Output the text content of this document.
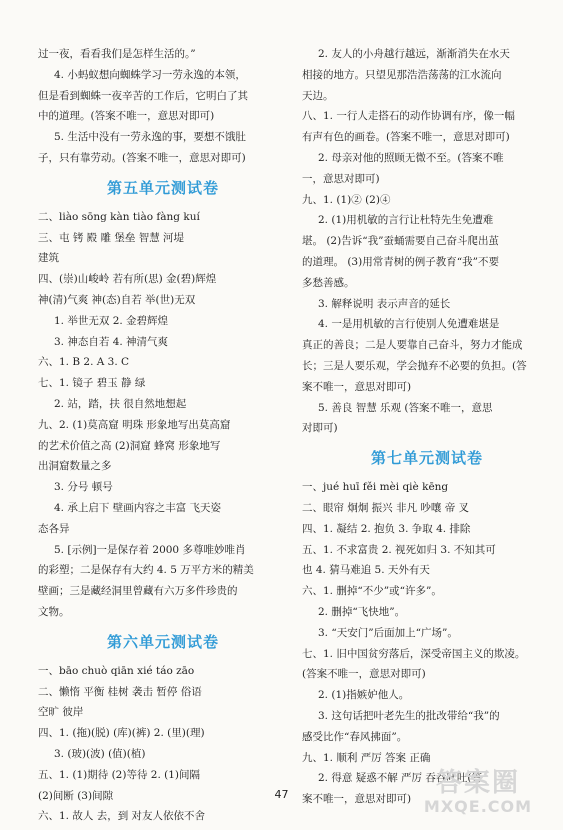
过一夜，看看我们是怎样生活的。”
4. 小蚂蚁想向蜘蛛学习一劳永逸的本领，
但是看到蜘蛛一夜辛苦的工作后，它明白了其
中的道理。(答案不唯一，意思对即可)
5. 生活中没有一劳永逸的事，要想不饿肚
子，只有靠劳动。(答案不唯一，意思对即可)
第五单元测试卷
二、liào sōng kàn tiào fàng kuí
三、屯 铐 殿 雕 堡垒 智慧 河堤
建筑
四、(崇)山峻岭 若有所(思) 金(碧)辉煌
神(清)气爽 神(态)自若 举(世)无双
1. 举世无双 2. 金碧辉煌
3. 神态自若 4. 神清气爽
六、1. B 2. A 3. C
七、1. 镜子 碧玉 静 绿
2. 站，踏，扶 很自然地想起
九、2. (1)莫高窟 明珠 形象地写出莫高窟
的艺术价值之高 (2)洞窟 蜂窝 形象地写
出洞窟数量之多
3. 分号 顿号
4. 承上启下 壁画内容之丰富 飞天姿
态各异
5. [示例]一是保存着 2000 多尊唯妙唯肖
的彩塑；二是保存有大约 4. 5 万平方米的精美
壁画；三是藏经洞里曾藏有六万多件珍贵的
文物。
第六单元测试卷
一、bāo chuò qiān xié táo zāo
二、懒惰 平衡 桂树 袭击 暂停 俗语
空旷 彼岸
四、1. (拖)(脱) (库)(裤) 2. (里)(理)
3. (玻)(波) (值)(植)
五、1. (1)期待 (2)等待 2. (1)间隔
(2)间断 (3)间隙
六、1. 故人 去，到 对友人依依不舍
2. 友人的小舟越行越远，渐渐消失在水天
相接的地方。只望见那浩浩荡荡的江水流向
天边。
八、1. 一行人走搭石的动作协调有序，像一幅
有声有色的画卷。(答案不唯一，意思对即可)
2. 母亲对他的照顾无微不至。(答案不唯
一，意思对即可)
九、1. (1)② (2)④
2. (1)用机敏的言行让杜特先生免遭难
堪。 (2)告诉“我”蚕蛹需要自己奋斗爬出茧
的道理。 (3)用常青树的例子教育“我”不要
多愁善感。
3. 解释说明 表示声音的延长
4. 一是用机敏的言行使别人免遭难堪是
真正的善良；二是人要靠自己奋斗，努力才能成
长；三是人要乐观，学会抛弃不必要的负担。(答
案不唯一，意思对即可)
5. 善良 智慧 乐观 (答案不唯一，意思
对即可)
第七单元测试卷
一、jué huī fěi mèi qiè kēng
二、眼帘 炯炯 振兴 非凡 吵嚷 帝 叉
四、1. 凝结 2. 抱负 3. 争取 4. 排除
五、1. 不求富贵 2. 视死如归 3. 不知其可
也 4. 猜马难追 5. 天外有天
六、1. 删掉“不少”或“许多”。
2. 删掉“飞快地”。
3. “天安门”后面加上“广场”。
七、1. 旧中国贫穷落后，深受帝国主义的欺凌。
(答案不唯一，意思对即可)
2. (1)指嫉妒他人。
3. 这句话把叶老先生的批改带给“我”的
感受比作“春风拂面”。
九、1. 顺利 严厉 答案 正确
2. 得意 疑惑不解 严厉 吞吞吐吐(答
案不唯一，意思对即可)
47	答案圈
MXQE.COM
